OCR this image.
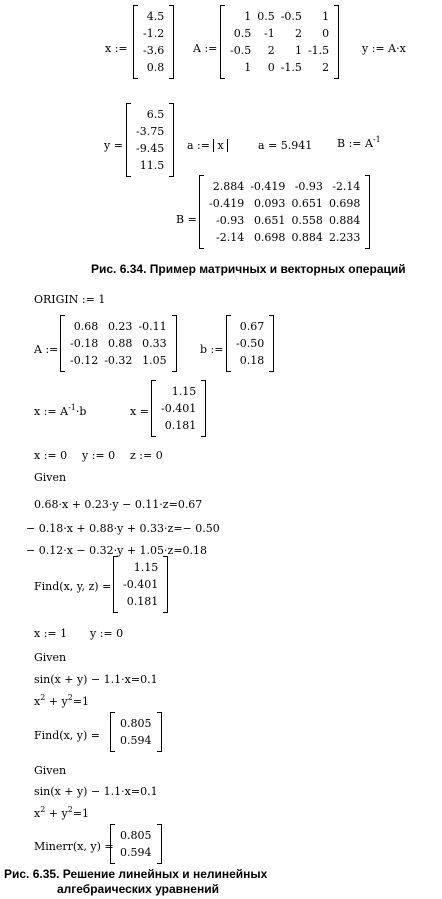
x :=
4.5
-1.2
-3.6
0.8
A :=
1	0.5	-0.5	1
0.5	-1	2	0
-0.5	2	1	-1.5
1	0	-1.5	2
y := A·x
y =
6.5
-3.75
-9.45
11.5
a := x	a = 5.941 B := $A^{-1}$
B =
2.884	-0.419	-0.93	-2.14
-0.419	0.093	0.651	0.698
-0.93	0.651	0.558	0.884
-2.14	0.698	0.884	2.233
Рис. 6.34. Пример матричных и векторных операций
ORIGIN := 1
A :=
0.68	0.23	-0.11
-0.18	0.88	0.33
-0.12	-0.32	1.05
b :=
0.67
-0.50
0.18
x := $A^{-1}\cdot b$	x =
1.15
-0.401
0.181
x := 0 y := 0 z := 0
Given
0.68·x + 0.23·y − 0.11·z=0.67
− 0.18·x + 0.88·y + 0.33·z=− 0.50
− 0.12·x − 0.32·y + 1.05·z=0.18
Find(x, y, z) =
1.15
-0.401
0.181
x := 1 y := 0
Given
sin(x + y) − 1.1·x=0.1
$x^2 + y^2=1$
Find(x, y) =
0.805
0.594
Given
sin(x + y) − 1.1·x=0.1
$x^2 + y^2=1$
Minerr(x, y) =
0.805
0.594
Рис. 6.35. Решение линейных и нелинейных
алгебраических уравнений
